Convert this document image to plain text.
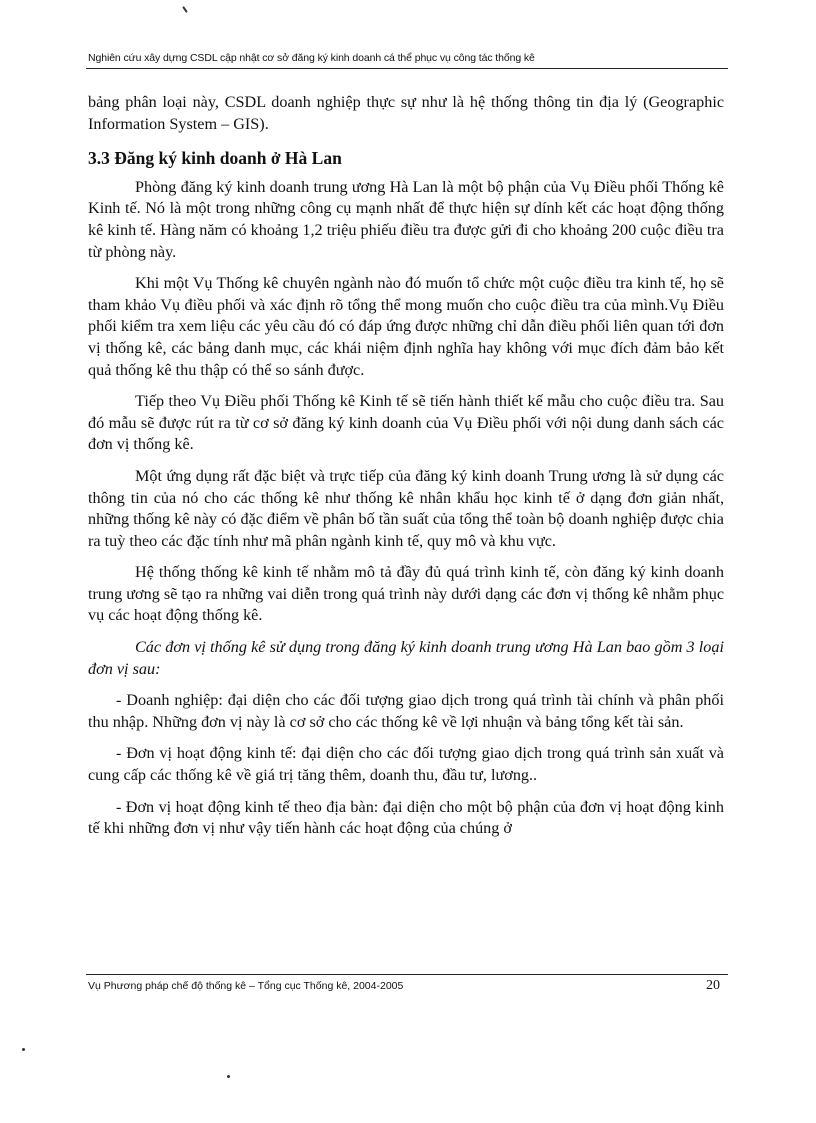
Nghiên cứu xây dựng CSDL cập nhật cơ sở đăng ký kinh doanh cá thể phục vụ công tác thống kê

bảng phân loại này, CSDL doanh nghiệp thực sự như là hệ thống thông tin địa lý (Geographic Information System – GIS).

3.3 Đăng ký kinh doanh ở Hà Lan

Phòng đăng ký kinh doanh trung ương Hà Lan là một bộ phận của Vụ Điều phối Thống kê Kinh tế. Nó là một trong những công cụ mạnh nhất để thực hiện sự dính kết các hoạt động thống kê kinh tế. Hàng năm có khoảng 1,2 triệu phiếu điều tra được gửi đi cho khoảng 200 cuộc điều tra từ phòng này.

Khi một Vụ Thống kê chuyên ngành nào đó muốn tổ chức một cuộc điều tra kinh tế, họ sẽ tham khảo Vụ điều phối và xác định rõ tổng thể mong muốn cho cuộc điều tra của mình.Vụ Điều phối kiểm tra xem liệu các yêu cầu đó có đáp ứng được những chỉ dẫn điều phối liên quan tới đơn vị thống kê, các bảng danh mục, các khái niệm định nghĩa hay không với mục đích đảm bảo kết quả thống kê thu thập có thể so sánh được.

Tiếp theo Vụ Điều phối Thống kê Kinh tế sẽ tiến hành thiết kế mẫu cho cuộc điều tra. Sau đó mẫu sẽ được rút ra từ cơ sở đăng ký kinh doanh của Vụ Điều phối với nội dung danh sách các đơn vị thống kê.

Một ứng dụng rất đặc biệt và trực tiếp của đăng ký kinh doanh Trung ương là sử dụng các thông tin của nó cho các thống kê như thống kê nhân khẩu học kinh tế ở dạng đơn giản nhất, những thống kê này có đặc điểm về phân bố tần suất của tổng thể toàn bộ doanh nghiệp được chia ra tuỳ theo các đặc tính như mã phân ngành kinh tế, quy mô và khu vực.

Hệ thống thống kê kinh tế nhằm mô tả đầy đủ quá trình kinh tế, còn đăng ký kinh doanh trung ương sẽ tạo ra những vai diễn trong quá trình này dưới dạng các đơn vị thống kê nhằm phục vụ các hoạt động thống kê.

Các đơn vị thống kê sử dụng trong đăng ký kinh doanh trung ương Hà Lan bao gồm 3 loại đơn vị sau:

- Doanh nghiệp: đại diện cho các đối tượng giao dịch trong quá trình tài chính và phân phối thu nhập. Những đơn vị này là cơ sở cho các thống kê về lợi nhuận và bảng tổng kết tài sản.

- Đơn vị hoạt động kinh tế: đại diện cho các đối tượng giao dịch trong quá trình sản xuất và cung cấp các thống kê về giá trị tăng thêm, doanh thu, đầu tư, lương..

- Đơn vị hoạt động kinh tế theo địa bàn: đại diện cho một bộ phận của đơn vị hoạt động kinh tế khi những đơn vị như vậy tiến hành các hoạt động của chúng ở

Vụ Phương pháp chế độ thống kê – Tổng cục Thống kê, 2004-2005	20
